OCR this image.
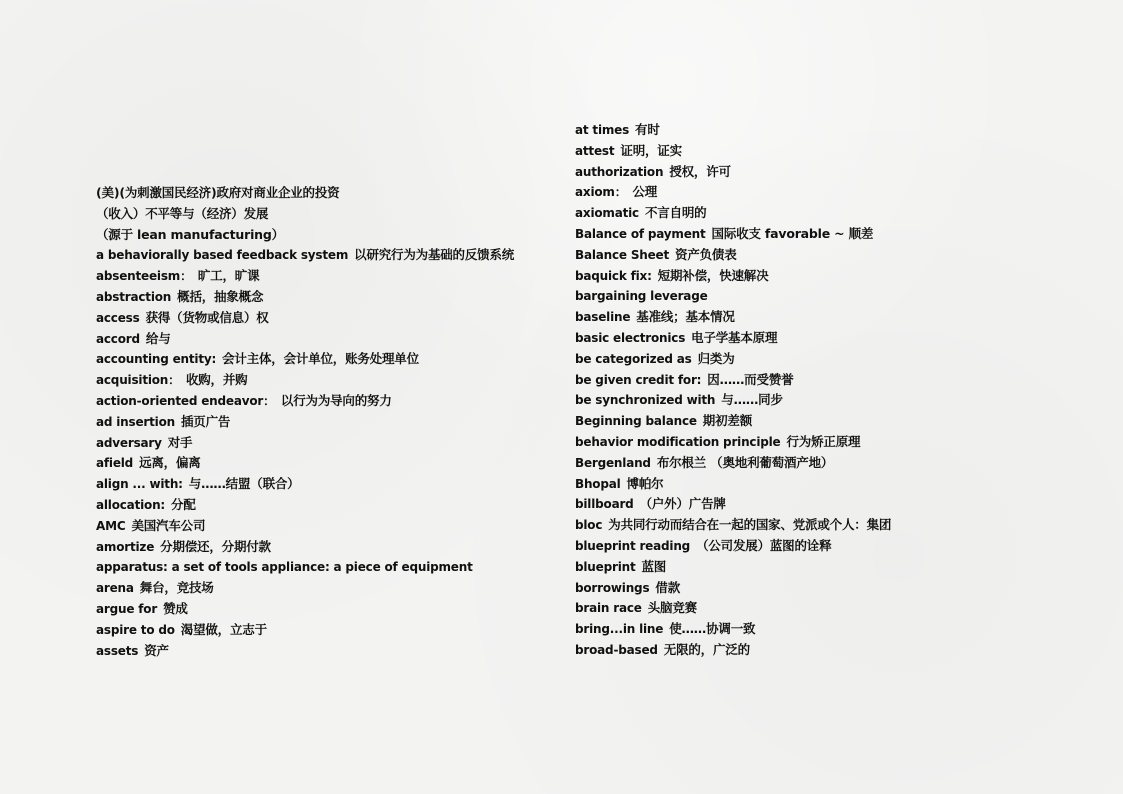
(美)(为刺激国民经济)政府对商业企业的投资
（收入）不平等与（经济）发展
（源于 lean manufacturing）
a behaviorally based feedback system 以研究行为为基础的反馈系统
absenteeism： 旷工，旷课
abstraction 概括，抽象概念
access 获得（货物或信息）权
accord 给与
accounting entity: 会计主体，会计单位，账务处理单位
acquisition： 收购，并购
action-oriented endeavor： 以行为为导向的努力
ad insertion 插页广告
adversary 对手
afield 远离，偏离
align ... with: 与……结盟（联合）
allocation: 分配
AMC 美国汽车公司
amortize 分期偿还，分期付款
apparatus: a set of tools appliance: a piece of equipment
arena 舞台，竞技场
argue for 赞成
aspire to do 渴望做，立志于
assets 资产
at times 有时
attest 证明，证实
authorization 授权，许可
axiom： 公理
axiomatic 不言自明的
Balance of payment 国际收支 favorable ~ 顺差
Balance Sheet 资产负债表
baquick fix: 短期补偿，快速解决
bargaining leverage
baseline 基准线；基本情况
basic electronics 电子学基本原理
be categorized as 归类为
be given credit for: 因……而受赞誉
be synchronized with 与……同步
Beginning balance 期初差额
behavior modification principle 行为矫正原理
Bergenland 布尔根兰 （奥地利葡萄酒产地）
Bhopal 博帕尔
billboard （户外）广告牌
bloc 为共同行动而结合在一起的国家、党派或个人：集团
blueprint reading （公司发展）蓝图的诠释
blueprint 蓝图
borrowings 借款
brain race 头脑竞赛
bring...in line 使……协调一致
broad-based 无限的，广泛的
